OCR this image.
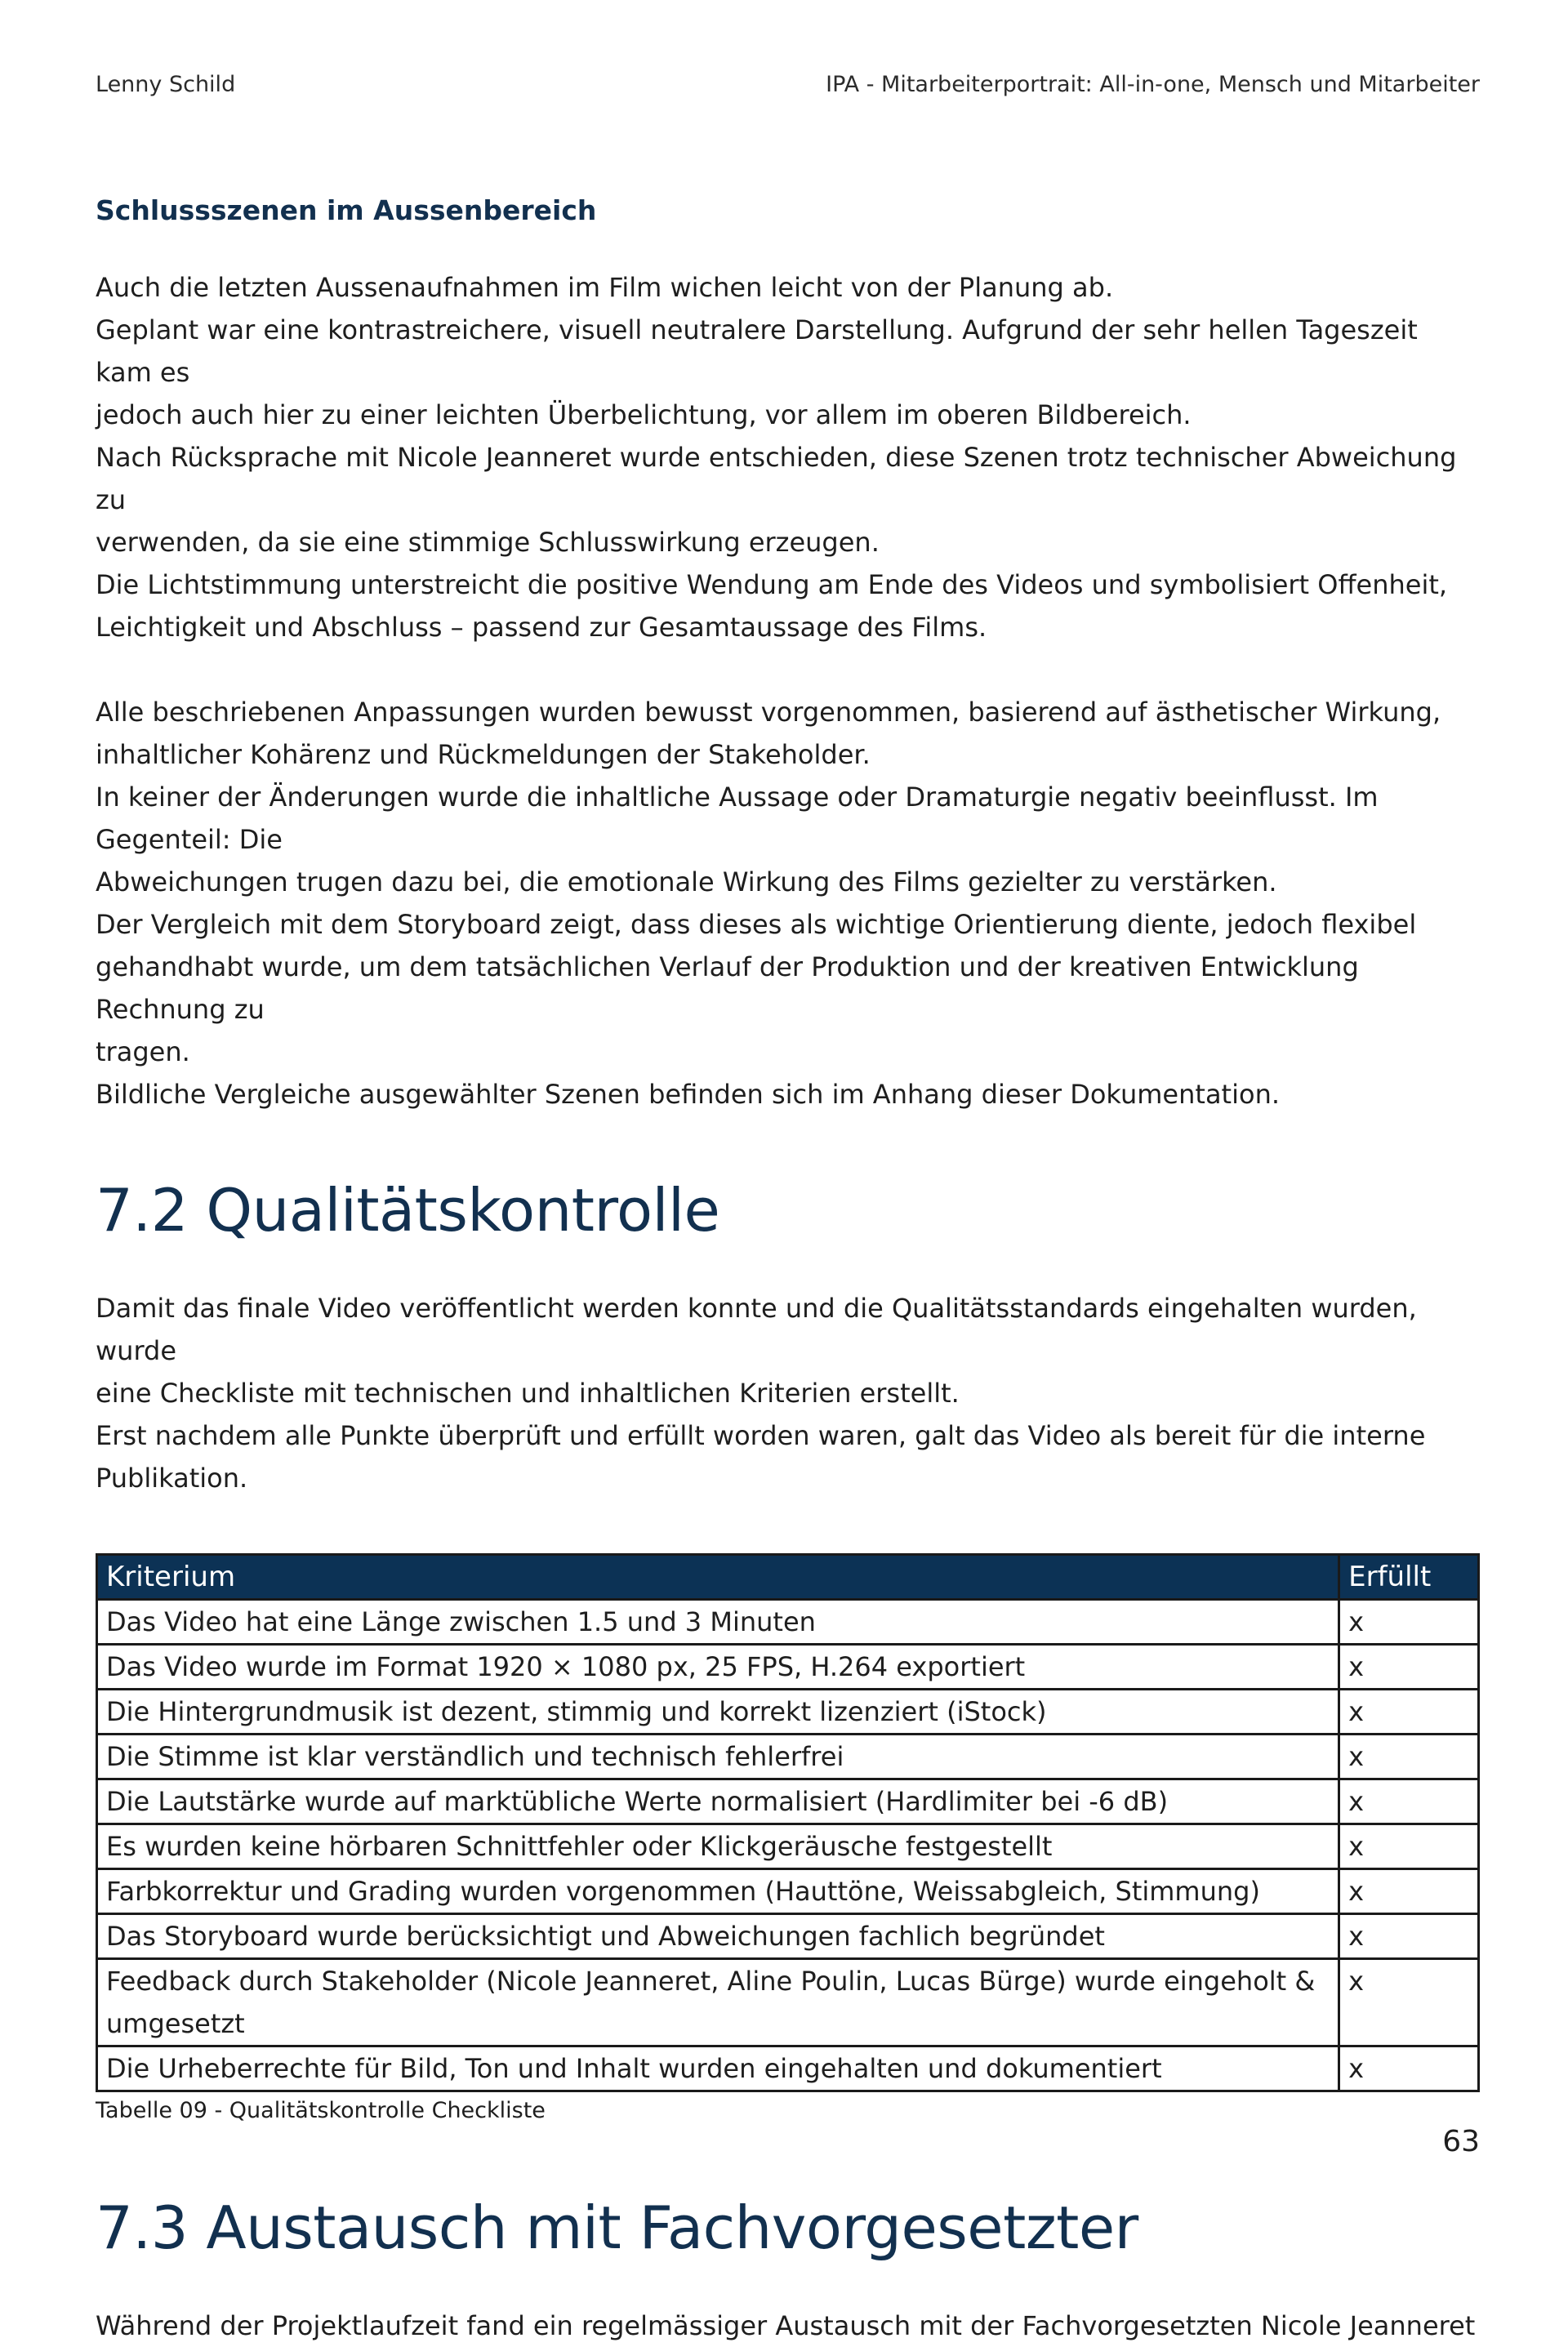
Lenny Schild	IPA - Mitarbeiterportrait: All-in-one, Mensch und Mitarbeiter
Schlussszenen im Aussenbereich

Auch die letzten Aussenaufnahmen im Film wichen leicht von der Planung ab.
Geplant war eine kontrastreichere, visuell neutralere Darstellung. Aufgrund der sehr hellen Tageszeit kam es
jedoch auch hier zu einer leichten Überbelichtung, vor allem im oberen Bildbereich.
Nach Rücksprache mit Nicole Jeanneret wurde entschieden, diese Szenen trotz technischer Abweichung zu
verwenden, da sie eine stimmige Schlusswirkung erzeugen.
Die Lichtstimmung unterstreicht die positive Wendung am Ende des Videos und symbolisiert Offenheit,
Leichtigkeit und Abschluss – passend zur Gesamtaussage des Films.

Alle beschriebenen Anpassungen wurden bewusst vorgenommen, basierend auf ästhetischer Wirkung,
inhaltlicher Kohärenz und Rückmeldungen der Stakeholder.
In keiner der Änderungen wurde die inhaltliche Aussage oder Dramaturgie negativ beeinflusst. Im Gegenteil: Die
Abweichungen trugen dazu bei, die emotionale Wirkung des Films gezielter zu verstärken.
Der Vergleich mit dem Storyboard zeigt, dass dieses als wichtige Orientierung diente, jedoch flexibel
gehandhabt wurde, um dem tatsächlichen Verlauf der Produktion und der kreativen Entwicklung Rechnung zu
tragen.
Bildliche Vergleiche ausgewählter Szenen befinden sich im Anhang dieser Dokumentation.

7.2 Qualitätskontrolle

Damit das finale Video veröffentlicht werden konnte und die Qualitätsstandards eingehalten wurden, wurde
eine Checkliste mit technischen und inhaltlichen Kriterien erstellt.
Erst nachdem alle Punkte überprüft und erfüllt worden waren, galt das Video als bereit für die interne
Publikation.

Kriterium	Erfüllt
Das Video hat eine Länge zwischen 1.5 und 3 Minuten	x
Das Video wurde im Format 1920 × 1080 px, 25 FPS, H.264 exportiert	x
Die Hintergrundmusik ist dezent, stimmig und korrekt lizenziert (iStock)	x
Die Stimme ist klar verständlich und technisch fehlerfrei	x
Die Lautstärke wurde auf marktübliche Werte normalisiert (Hardlimiter bei -6 dB)	x
Es wurden keine hörbaren Schnittfehler oder Klickgeräusche festgestellt	x
Farbkorrektur und Grading wurden vorgenommen (Hauttöne, Weissabgleich, Stimmung)	x
Das Storyboard wurde berücksichtigt und Abweichungen fachlich begründet	x
Feedback durch Stakeholder (Nicole Jeanneret, Aline Poulin, Lucas Bürge) wurde eingeholt & umgesetzt	x
Die Urheberrechte für Bild, Ton und Inhalt wurden eingehalten und dokumentiert	x
Tabelle 09 - Qualitätskontrolle Checkliste
7.3 Austausch mit Fachvorgesetzter

Während der Projektlaufzeit fand ein regelmässiger Austausch mit der Fachvorgesetzten Nicole Jeanneret

63
